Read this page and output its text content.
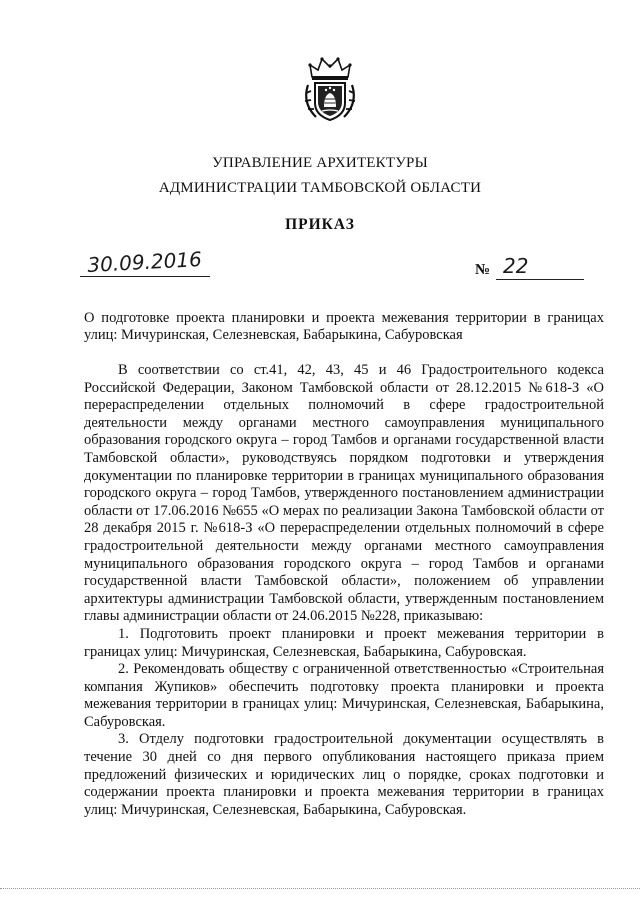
УПРАВЛЕНИЕ АРХИТЕКТУРЫ
АДМИНИСТРАЦИИ ТАМБОВСКОЙ ОБЛАСТИ
ПРИКАЗ
30.09.2016	№ 22
О подготовке проекта планировки и проекта межевания территории в границах улиц: Мичуринская, Селезневская, Бабарыкина, Сабуровская

В соответствии со ст.41, 42, 43, 45 и 46 Градостроительного кодекса Российской Федерации, Законом Тамбовской области от 28.12.2015 №618-З «О перераспределении отдельных полномочий в сфере градостроительной деятельности между органами местного самоуправления муниципального образования городского округа – город Тамбов и органами государственной власти Тамбовской области», руководствуясь порядком подготовки и утверждения документации по планировке территории в границах муниципального образования городского округа – город Тамбов, утвержденного постановлением администрации области от 17.06.2016 №655 «О мерах по реализации Закона Тамбовской области от 28 декабря 2015 г. №618-З «О перераспределении отдельных полномочий в сфере градостроительной деятельности между органами местного самоуправления муниципального образования городского округа – город Тамбов и органами государственной власти Тамбовской области», положением об управлении архитектуры администрации Тамбовской области, утвержденным постановлением главы администрации области от 24.06.2015 №228, приказываю:

1. Подготовить проект планировки и проект межевания территории в границах улиц: Мичуринская, Селезневская, Бабарыкина, Сабуровская.

2. Рекомендовать обществу с ограниченной ответственностью «Строительная компания Жупиков» обеспечить подготовку проекта планировки и проекта межевания территории в границах улиц: Мичуринская, Селезневская, Бабарыкина, Сабуровская.

3. Отделу подготовки градостроительной документации осуществлять в течение 30 дней со дня первого опубликования настоящего приказа прием предложений физических и юридических лиц о порядке, сроках подготовки и содержании проекта планировки и проекта межевания территории в границах улиц: Мичуринская, Селезневская, Бабарыкина, Сабуровская.
